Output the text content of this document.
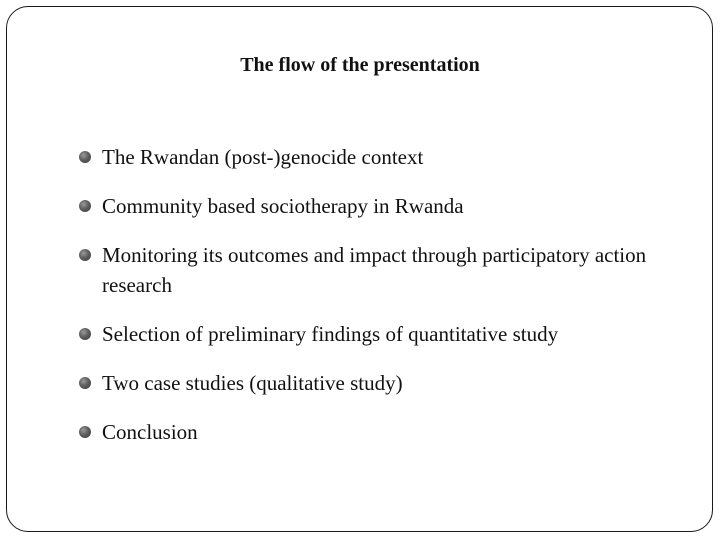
The flow of the presentation
The Rwandan (post-)genocide context
Community based sociotherapy in Rwanda
Monitoring its outcomes and impact through participatory action research
Selection of preliminary findings of quantitative study
Two case studies (qualitative study)
Conclusion
